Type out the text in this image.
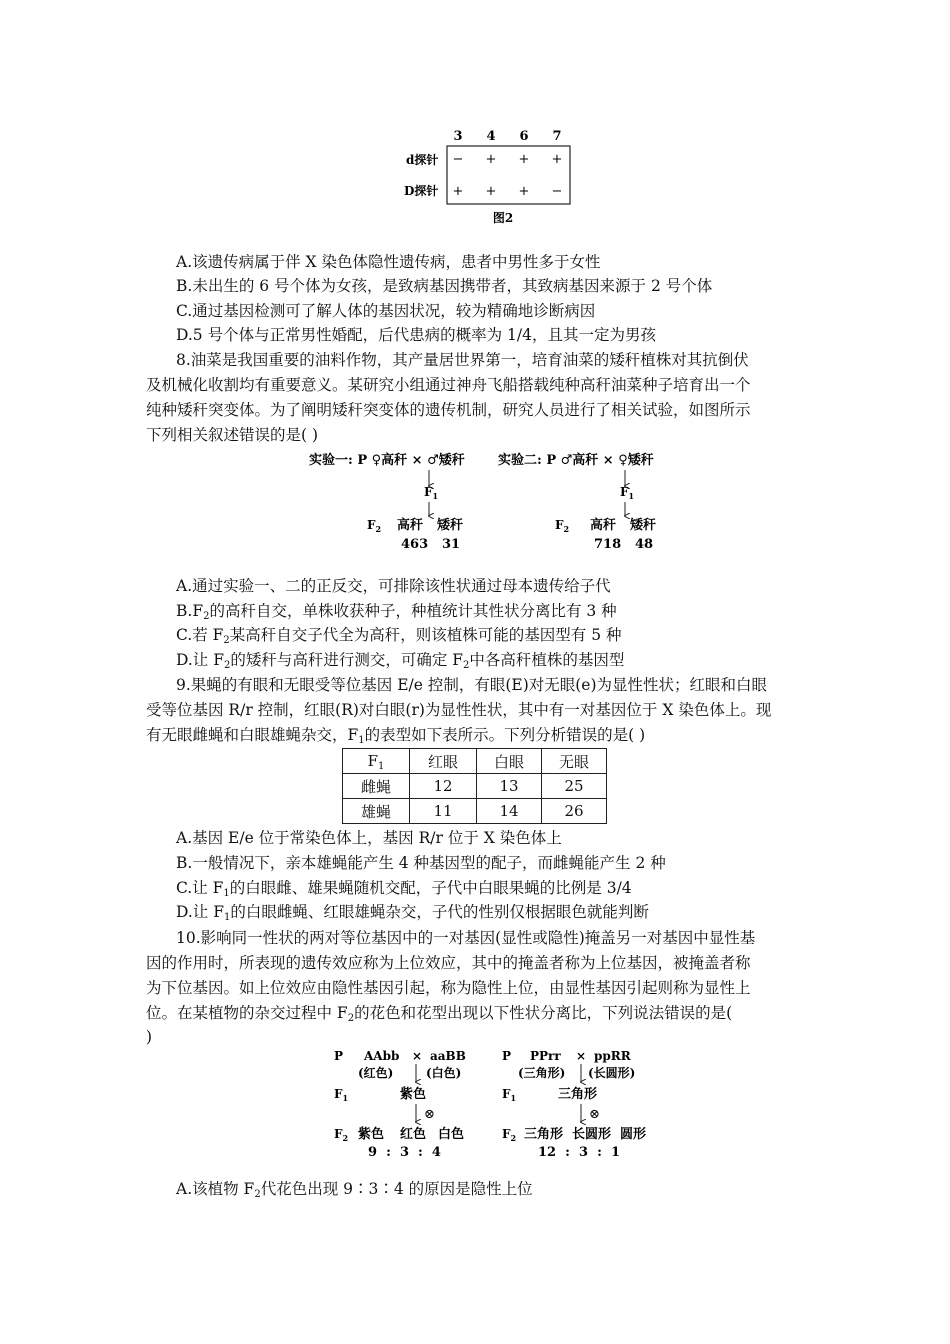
3 4 6 7
d探针 − + + +
D探针 + + + −
图2
A.该遗传病属于伴 X 染色体隐性遗传病，患者中男性多于女性
B.未出生的 6 号个体为女孩，是致病基因携带者，其致病基因来源于 2 号个体
C.通过基因检测可了解人体的基因状况，较为精确地诊断病因
D.5 号个体与正常男性婚配，后代患病的概率为 1/4，且其一定为男孩
8.油菜是我国重要的油料作物，其产量居世界第一，培育油菜的矮秆植株对其抗倒伏
及机械化收割均有重要意义。某研究小组通过神舟飞船搭载纯种高秆油菜种子培育出一个
纯种矮秆突变体。为了阐明矮秆突变体的遗传机制，研究人员进行了相关试验，如图所示
下列相关叙述错误的是( )
实验一: P ♀高秆 × ♂矮秆
$F_1$
$F_2$ 高秆 矮秆
463 31
实验二: P ♂高秆 × ♀矮秆
$F_1$
$F_2$ 高秆 矮秆
718 48
A.通过实验一、二的正反交，可排除该性状通过母本遗传给子代
B.F2的高秆自交，单株收获种子，种植统计其性状分离比有 3 种
C.若 F2某高秆自交子代全为高秆，则该植株可能的基因型有 5 种
D.让 F2的矮秆与高秆进行测交，可确定 F2中各高秆植株的基因型
9.果蝇的有眼和无眼受等位基因 E/e 控制，有眼(E)对无眼(e)为显性性状；红眼和白眼
受等位基因 R/r 控制，红眼(R)对白眼(r)为显性性状，其中有一对基因位于 X 染色体上。现
有无眼雌蝇和白眼雄蝇杂交，F1的表型如下表所示。下列分析错误的是( )
$F_1$	红眼	白眼	无眼
雌蝇	12	13	25
雄蝇	11	14	26
A.基因 E/e 位于常染色体上，基因 R/r 位于 X 染色体上
B.一般情况下，亲本雄蝇能产生 4 种基因型的配子，而雌蝇能产生 2 种
C.让 F1的白眼雌、雄果蝇随机交配，子代中白眼果蝇的比例是 3/4
D.让 F1的白眼雌蝇、红眼雄蝇杂交，子代的性别仅根据眼色就能判断
10.影响同一性状的两对等位基因中的一对基因(显性或隐性)掩盖另一对基因中显性基
因的作用时，所表现的遗传效应称为上位效应，其中的掩盖者称为上位基因，被掩盖者称
为下位基因。如上位效应由隐性基因引起，称为隐性上位，由显性基因引起则称为显性上
位。在某植物的杂交过程中 F2的花色和花型出现以下性状分离比，下列说法错误的是(
)
P AAbb × aaBB
(红色)	(白色)
$F_1$	紫色
⊗
$F_2$ 紫色 红色 白色
9  :  3  :  4
P PPrr × ppRR
(三角形) (长圆形)
$F_1$	三角形
⊗
$F_2$ 三角形 长圆形 圆形
12  :  3  :  1
A.该植物 F2代花色出现 9∶3∶4 的原因是隐性上位
